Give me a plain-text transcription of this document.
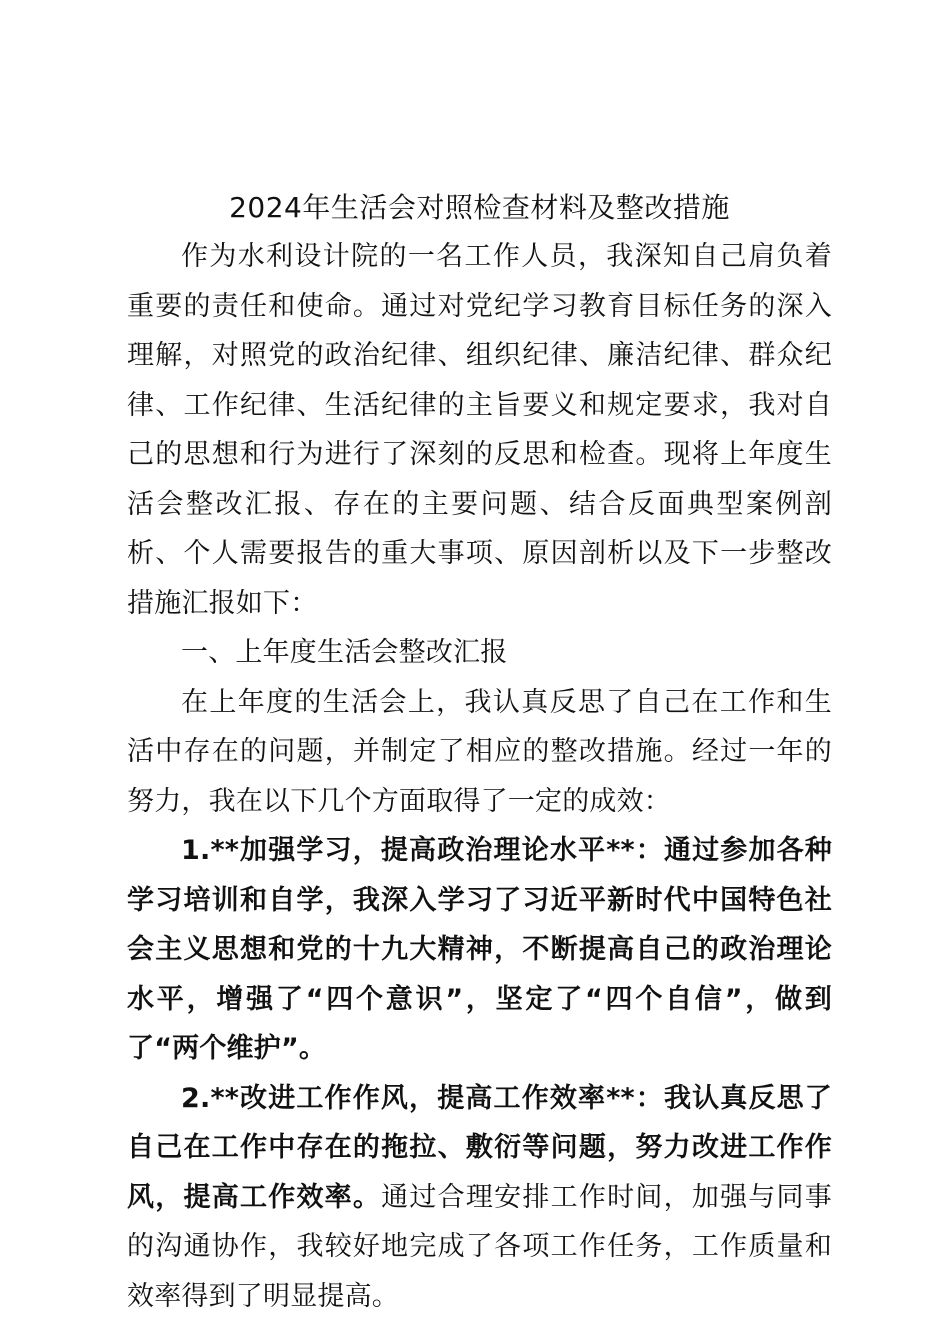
2024年生活会对照检查材料及整改措施

作为水利设计院的一名工作人员，我深知自己肩负着重要的责任和使命。通过对党纪学习教育目标任务的深入理解，对照党的政治纪律、组织纪律、廉洁纪律、群众纪律、工作纪律、生活纪律的主旨要义和规定要求，我对自己的思想和行为进行了深刻的反思和检查。现将上年度生活会整改汇报、存在的主要问题、结合反面典型案例剖析、个人需要报告的重大事项、原因剖析以及下一步整改措施汇报如下：

一、上年度生活会整改汇报

在上年度的生活会上，我认真反思了自己在工作和生活中存在的问题，并制定了相应的整改措施。经过一年的努力，我在以下几个方面取得了一定的成效：

1.**加强学习，提高政治理论水平**：通过参加各种学习培训和自学，我深入学习了习近平新时代中国特色社会主义思想和党的十九大精神，不断提高自己的政治理论水平，增强了“四个意识”，坚定了“四个自信”，做到了“两个维护”。

2.**改进工作作风，提高工作效率**：我认真反思了自己在工作中存在的拖拉、敷衍等问题，努力改进工作作风，提高工作效率。通过合理安排工作时间，加强与同事的沟通协作，我较好地完成了各项工作任务，工作质量和效率得到了明显提高。
